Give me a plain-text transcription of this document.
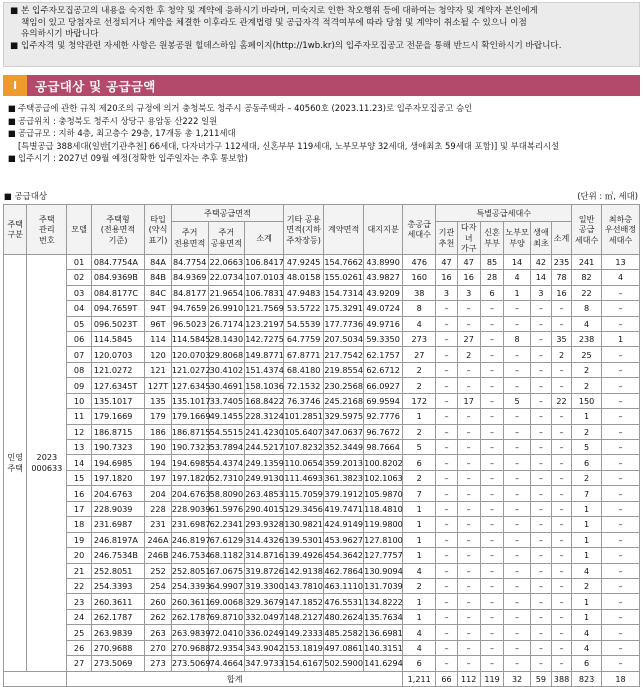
■ 본 입주자모집공고의 내용을 숙지한 후 청약 및 계약에 응하시기 바라며, 미숙지로 인한 착오행위 등에 대하여는 청약자 및 계약자 본인에게
책임이 있고 당첨자로 선정되거나 계약을 체결한 이후라도 관계법령 및 공급자격 적격여부에 따라 당첨 및 계약이 취소될 수 있으니 이점
유의하시기 바랍니다
■ 입주자격 및 청약관련 자세한 사항은 원봉공원 힐데스하임 홈페이지(http://1wb.kr)의 입주자모집공고 전문을 통해 반드시 확인하시기 바랍니다.
I	공급대상 및 공급금액
■ 주택공급에 관한 규칙 제20조의 규정에 의거 충청북도 청주시 공동주택과 – 40560호 (2023.11.23)로 입주자모집공고 승인
■ 공급위치 : 충청북도 청주시 상당구 용암동 산222 일원
■ 공급규모 : 지하 4층, 최고층수 29층, 17개동 총 1,211세대
[특별공급 388세대(일반[기관추천] 66세대, 다자녀가구 112세대, 신혼부부 119세대, 노부모부양 32세대, 생애최초 59세대 포함)] 및 부대복리시설
■ 입주시기 : 2027년 09월 예정(정확한 입주일자는 추후 통보함)
■ 공급대상	(단위 : ㎡, 세대)
주택
구분	주택
관리
번호	모델	주택형
(전용면적
기준)	타입
(약식
표기)	주택공급면적			기타 공용
면적(지하
주차장등)	계약면적	대지지분	총공급
세대수	특별공급세대수						일반
공급
세대수	최하층
우선배정
세대수
					주거
전용면적	주거
공용면적	소계					기관
추천	다자녀
가구	신혼
부부	노부모
부양	생애
최초	소계		
민영
주택	2023
000633	01	084.7754A	84A	84.7754	22.0663	106.8417	47.9245	154.7662	43.8990	476	47	47	85	14	42	235	241	13
		02	084.9369B	84B	84.9369	22.0734	107.0103	48.0158	155.0261	43.9827	160	16	16	28	4	14	78	82	4
		03	084.8177C	84C	84.8177	21.9654	106.7831	47.9483	154.7314	43.9209	38	3	3	6	1	3	16	22	–
		04	094.7659T	94T	94.7659	26.9910	121.7569	53.5722	175.3291	49.0724	8	–	–	–	–	–	–	8	–
		05	096.5023T	96T	96.5023	26.7174	123.2197	54.5539	177.7736	49.9716	4	–	–	–	–	–	–	4	–
		06	114.5845	114	114.5845	28.1430	142.7275	64.7759	207.5034	59.3350	273	–	27	–	8	–	35	238	1
		07	120.0703	120	120.0703	29.8068	149.8771	67.8771	217.7542	62.1757	27	–	2	–	–	–	2	25	–
		08	121.0272	121	121.0272	30.4102	151.4374	68.4180	219.8554	62.6712	2	–	–	–	–	–	–	2	–
		09	127.6345T	127T	127.6345	30.4691	158.1036	72.1532	230.2568	66.0927	2	–	–	–	–	–	–	2	–
		10	135.1017	135	135.1017	33.7405	168.8422	76.3746	245.2168	69.9594	172	–	17	–	5	–	22	150	–
		11	179.1669	179	179.1669	49.1455	228.3124	101.2851	329.5975	92.7776	1	–	–	–	–	–	–	1	–
		12	186.8715	186	186.8715	54.5515	241.4230	105.6407	347.0637	96.7672	2	–	–	–	–	–	–	2	–
		13	190.7323	190	190.7323	53.7894	244.5217	107.8232	352.3449	98.7664	5	–	–	–	–	–	–	5	–
		14	194.6985	194	194.6985	54.4374	249.1359	110.0654	359.2013	100.8202	6	–	–	–	–	–	–	6	–
		15	197.1820	197	197.1820	52.7310	249.9130	111.4693	361.3823	102.1063	2	–	–	–	–	–	–	2	–
		16	204.6763	204	204.6763	58.8090	263.4853	115.7059	379.1912	105.9870	7	–	–	–	–	–	–	7	–
		17	228.9039	228	228.9039	61.5976	290.4015	129.3456	419.7471	118.4810	1	–	–	–	–	–	–	1	–
		18	231.6987	231	231.6987	62.2341	293.9328	130.9821	424.9149	119.9800	1	–	–	–	–	–	–	1	–
		19	246.8197A	246A	246.8197	67.6129	314.4326	139.5301	453.9627	127.8100	1	–	–	–	–	–	–	1	–
		20	246.7534B	246B	246.7534	68.1182	314.8716	139.4926	454.3642	127.7757	1	–	–	–	–	–	–	1	–
		21	252.8051	252	252.8051	67.0675	319.8726	142.9138	462.7864	130.9094	4	–	–	–	–	–	–	4	–
		22	254.3393	254	254.3393	64.9907	319.3300	143.7810	463.1110	131.7039	2	–	–	–	–	–	–	2	–
		23	260.3611	260	260.3611	69.0068	329.3679	147.1852	476.5531	134.8222	1	–	–	–	–	–	–	1	–
		24	262.1787	262	262.1787	69.8710	332.0497	148.2127	480.2624	135.7634	1	–	–	–	–	–	–	1	–
		25	263.9839	263	263.9839	72.0410	336.0249	149.2333	485.2582	136.6981	4	–	–	–	–	–	–	4	–
		26	270.9688	270	270.9688	72.9354	343.9042	153.1819	497.0861	140.3151	4	–	–	–	–	–	–	4	–
		27	273.5069	273	273.5069	74.4664	347.9733	154.6167	502.5900	141.6294	6	–	–	–	–	–	–	6	–
		합계									1,211	66	112	119	32	59	388	823	18
